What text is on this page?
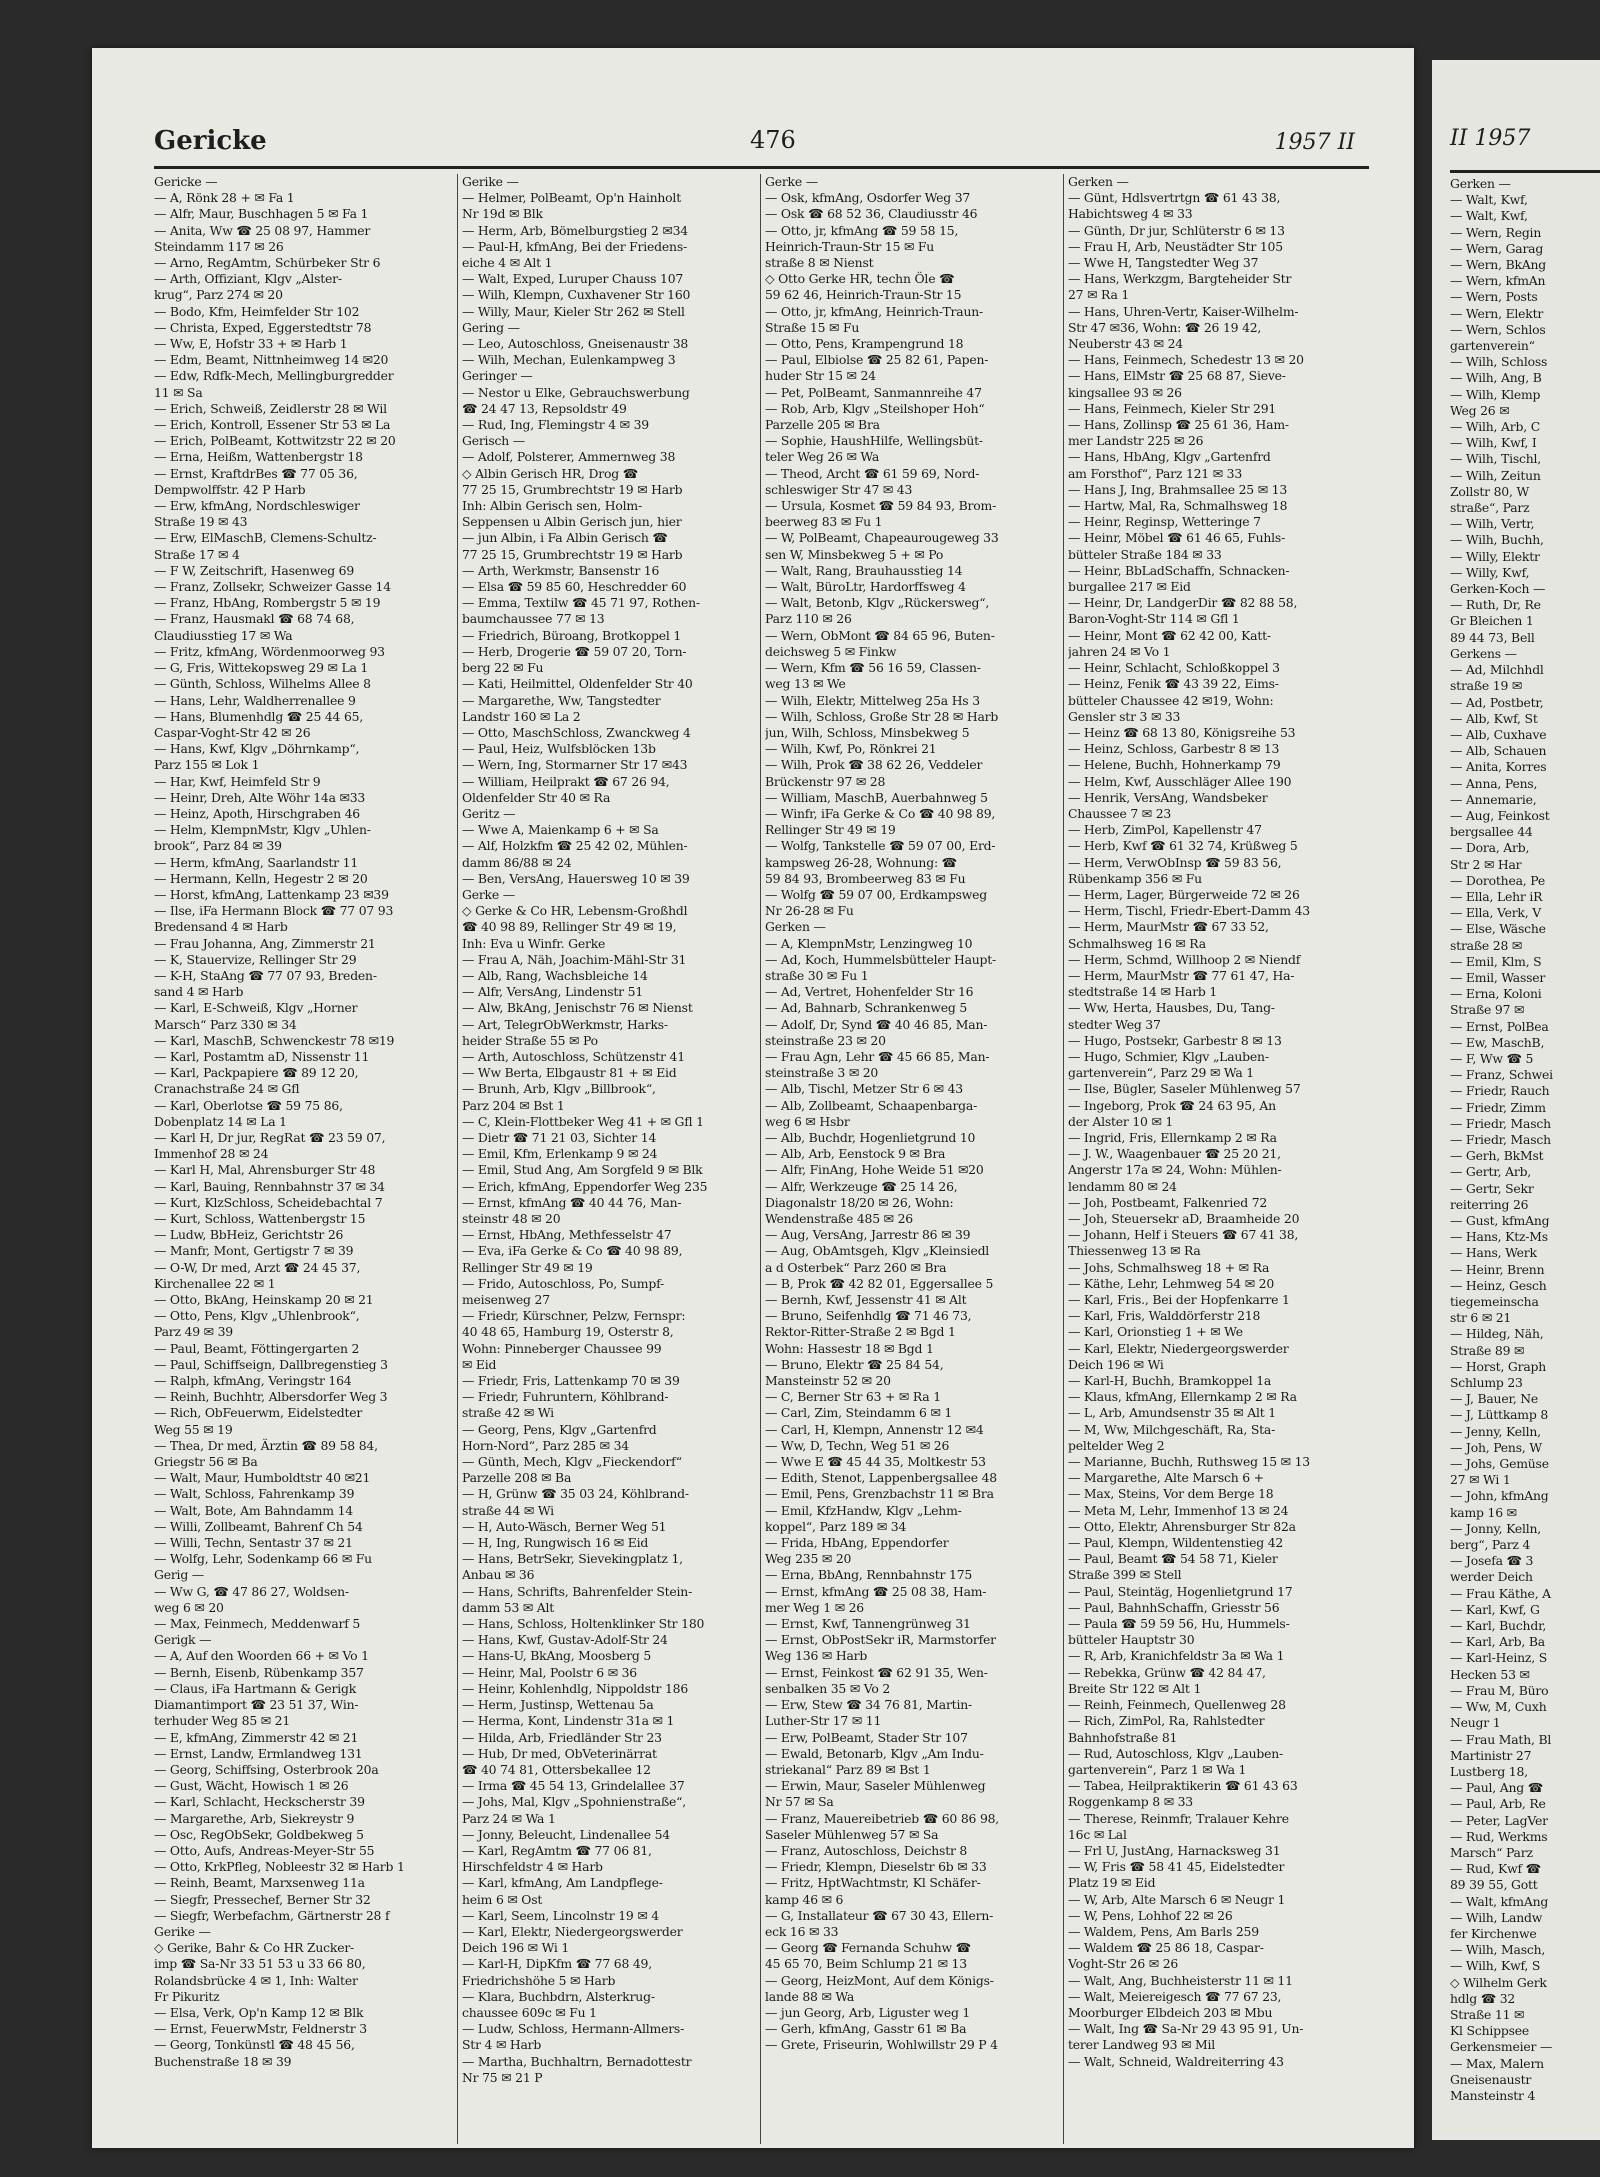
Gericke	476	1957 II
Gericke —
— A, Rönk 28 + ✉ Fa 1
— Alfr, Maur, Buschhagen 5 ✉ Fa 1
— Anita, Ww ☎ 25 08 97, Hammer
Steindamm 117 ✉ 26
— Arno, RegAmtm, Schürbeker Str 6
— Arth, Offiziant, Klgv „Alster-
krug“, Parz 274 ✉ 20
— Bodo, Kfm, Heimfelder Str 102
— Christa, Exped, Eggerstedtstr 78
— Ww, E, Hofstr 33 + ✉ Harb 1
— Edm, Beamt, Nittnheimweg 14 ✉20
— Edw, Rdfk-Mech, Mellingburgredder
11 ✉ Sa
— Erich, Schweiß, Zeidlerstr 28 ✉ Wil
— Erich, Kontroll, Essener Str 53 ✉ La
— Erich, PolBeamt, Kottwitzstr 22 ✉ 20
— Erna, Heißm, Wattenbergstr 18
— Ernst, KraftdrBes ☎ 77 05 36,
Dempwolffstr. 42 P Harb
— Erw, kfmAng, Nordschleswiger
Straße 19 ✉ 43
— Erw, ElMaschB, Clemens-Schultz-
Straße 17 ✉ 4
— F W, Zeitschrift, Hasenweg 69
— Franz, Zollsekr, Schweizer Gasse 14
— Franz, HbAng, Rombergstr 5 ✉ 19
— Franz, Hausmakl ☎ 68 74 68,
Claudiusstieg 17 ✉ Wa
— Fritz, kfmAng, Wördenmoorweg 93
— G, Fris, Wittekopsweg 29 ✉ La 1
— Günth, Schloss, Wilhelms Allee 8
— Hans, Lehr, Waldherrenallee 9
— Hans, Blumenhdlg ☎ 25 44 65,
Caspar-Voght-Str 42 ✉ 26
— Hans, Kwf, Klgv „Döhrnkamp“,
Parz 155 ✉ Lok 1
— Har, Kwf, Heimfeld Str 9
— Heinr, Dreh, Alte Wöhr 14a ✉33
— Heinz, Apoth, Hirschgraben 46
— Helm, KlempnMstr, Klgv „Uhlen-
brook“, Parz 84 ✉ 39
— Herm, kfmAng, Saarlandstr 11
— Hermann, Kelln, Hegestr 2 ✉ 20
— Horst, kfmAng, Lattenkamp 23 ✉39
— Ilse, iFa Hermann Block ☎ 77 07 93
Bredensand 4 ✉ Harb
— Frau Johanna, Ang, Zimmerstr 21
— K, Stauervize, Rellinger Str 29
— K-H, StaAng ☎ 77 07 93, Breden-
sand 4 ✉ Harb
— Karl, E-Schweiß, Klgv „Horner
Marsch“ Parz 330 ✉ 34
— Karl, MaschB, Schwenckestr 78 ✉19
— Karl, Postamtm aD, Nissenstr 11
— Karl, Packpapiere ☎ 89 12 20,
Cranachstraße 24 ✉ Gfl
— Karl, Oberlotse ☎ 59 75 86,
Dobenplatz 14 ✉ La 1
— Karl H, Dr jur, RegRat ☎ 23 59 07,
Immenhof 28 ✉ 24
— Karl H, Mal, Ahrensburger Str 48
— Karl, Bauing, Rennbahnstr 37 ✉ 34
— Kurt, KlzSchloss, Scheidebachtal 7
— Kurt, Schloss, Wattenbergstr 15
— Ludw, BbHeiz, Gerichtstr 26
— Manfr, Mont, Gertigstr 7 ✉ 39
— O-W, Dr med, Arzt ☎ 24 45 37,
Kirchenallee 22 ✉ 1
— Otto, BkAng, Heinskamp 20 ✉ 21
— Otto, Pens, Klgv „Uhlenbrook“,
Parz 49 ✉ 39
— Paul, Beamt, Föttingergarten 2
— Paul, Schiffseign, Dallbregenstieg 3
— Ralph, kfmAng, Veringstr 164
— Reinh, Buchhtr, Albersdorfer Weg 3
— Rich, ObFeuerwm, Eidelstedter
Weg 55 ✉ 19
— Thea, Dr med, Ärztin ☎ 89 58 84,
Griegstr 56 ✉ Ba
— Walt, Maur, Humboldtstr 40 ✉21
— Walt, Schloss, Fahrenkamp 39
— Walt, Bote, Am Bahndamm 14
— Willi, Zollbeamt, Bahrenf Ch 54
— Willi, Techn, Sentastr 37 ✉ 21
— Wolfg, Lehr, Sodenkamp 66 ✉ Fu
Gerig —
— Ww G, ☎ 47 86 27, Woldsen-
weg 6 ✉ 20
— Max, Feinmech, Meddenwarf 5
Gerigk —
— A, Auf den Woorden 66 + ✉ Vo 1
— Bernh, Eisenb, Rübenkamp 357
— Claus, iFa Hartmann & Gerigk
Diamantimport ☎ 23 51 37, Win-
terhuder Weg 85 ✉ 21
— E, kfmAng, Zimmerstr 42 ✉ 21
— Ernst, Landw, Ermlandweg 131
— Georg, Schiffsing, Osterbrook 20a
— Gust, Wächt, Howisch 1 ✉ 26
— Karl, Schlacht, Heckscherstr 39
— Margarethe, Arb, Siekreystr 9
— Osc, RegObSekr, Goldbekweg 5
— Otto, Aufs, Andreas-Meyer-Str 55
— Otto, KrkPfleg, Nobleestr 32 ✉ Harb 1
— Reinh, Beamt, Marxsenweg 11a
— Siegfr, Pressechef, Berner Str 32
— Siegfr, Werbefachm, Gärtnerstr 28 f
Gerike —
◇ Gerike, Bahr & Co HR Zucker-
imp ☎ Sa-Nr 33 51 53 u 33 66 80,
Rolandsbrücke 4 ✉ 1, Inh: Walter
Fr Pikuritz
— Elsa, Verk, Op'n Kamp 12 ✉ Blk
— Ernst, FeuerwMstr, Feldnerstr 3
— Georg, Tonkünstl ☎ 48 45 56,
Buchenstraße 18 ✉ 39
Gerike —
— Helmer, PolBeamt, Op'n Hainholt
Nr 19d ✉ Blk
— Herm, Arb, Bömelburgstieg 2 ✉34
— Paul-H, kfmAng, Bei der Friedens-
eiche 4 ✉ Alt 1
— Walt, Exped, Luruper Chauss 107
— Wilh, Klempn, Cuxhavener Str 160
— Willy, Maur, Kieler Str 262 ✉ Stell
Gering —
— Leo, Autoschloss, Gneisenaustr 38
— Wilh, Mechan, Eulenkampweg 3
Geringer —
— Nestor u Elke, Gebrauchswerbung
☎ 24 47 13, Repsoldstr 49
— Rud, Ing, Flemingstr 4 ✉ 39
Gerisch —
— Adolf, Polsterer, Ammernweg 38
◇ Albin Gerisch HR, Drog ☎
77 25 15, Grumbrechtstr 19 ✉ Harb
Inh: Albin Gerisch sen, Holm-
Seppensen u Albin Gerisch jun, hier
— jun Albin, i Fa Albin Gerisch ☎
77 25 15, Grumbrechtstr 19 ✉ Harb
— Arth, Werkmstr, Bansenstr 16
— Elsa ☎ 59 85 60, Heschredder 60
— Emma, Textilw ☎ 45 71 97, Rothen-
baumchaussee 77 ✉ 13
— Friedrich, Büroang, Brotkoppel 1
— Herb, Drogerie ☎ 59 07 20, Torn-
berg 22 ✉ Fu
— Kati, Heilmittel, Oldenfelder Str 40
— Margarethe, Ww, Tangstedter
Landstr 160 ✉ La 2
— Otto, MaschSchloss, Zwanckweg 4
— Paul, Heiz, Wulfsblöcken 13b
— Wern, Ing, Stormarner Str 17 ✉43
— William, Heilprakt ☎ 67 26 94,
Oldenfelder Str 40 ✉ Ra
Geritz —
— Wwe A, Maienkamp 6 + ✉ Sa
— Alf, Holzkfm ☎ 25 42 02, Mühlen-
damm 86/88 ✉ 24
— Ben, VersAng, Hauersweg 10 ✉ 39
Gerke —
◇ Gerke & Co HR, Lebensm-Großhdl
☎ 40 98 89, Rellinger Str 49 ✉ 19,
Inh: Eva u Winfr. Gerke
— Frau A, Näh, Joachim-Mähl-Str 31
— Alb, Rang, Wachsbleiche 14
— Alfr, VersAng, Lindenstr 51
— Alw, BkAng, Jenischstr 76 ✉ Nienst
— Art, TelegrObWerkmstr, Harks-
heider Straße 55 ✉ Po
— Arth, Autoschloss, Schützenstr 41
— Ww Berta, Elbgaustr 81 + ✉ Eid
— Brunh, Arb, Klgv „Billbrook“,
Parz 204 ✉ Bst 1
— C, Klein-Flottbeker Weg 41 + ✉ Gfl 1
— Dietr ☎ 71 21 03, Sichter 14
— Emil, Kfm, Erlenkamp 9 ✉ 24
— Emil, Stud Ang, Am Sorgfeld 9 ✉ Blk
— Erich, kfmAng, Eppendorfer Weg 235
— Ernst, kfmAng ☎ 40 44 76, Man-
steinstr 48 ✉ 20
— Ernst, HbAng, Methfesselstr 47
— Eva, iFa Gerke & Co ☎ 40 98 89,
Rellinger Str 49 ✉ 19
— Frido, Autoschloss, Po, Sumpf-
meisenweg 27
— Friedr, Kürschner, Pelzw, Fernspr:
40 48 65, Hamburg 19, Osterstr 8,
Wohn: Pinneberger Chaussee 99
✉ Eid
— Friedr, Fris, Lattenkamp 70 ✉ 39
— Friedr, Fuhruntern, Köhlbrand-
straße 42 ✉ Wi
— Georg, Pens, Klgv „Gartenfrd
Horn-Nord“, Parz 285 ✉ 34
— Günth, Mech, Klgv „Fieckendorf“
Parzelle 208 ✉ Ba
— H, Grünw ☎ 35 03 24, Köhlbrand-
straße 44 ✉ Wi
— H, Auto-Wäsch, Berner Weg 51
— H, Ing, Rungwisch 16 ✉ Eid
— Hans, BetrSekr, Sievekingplatz 1,
Anbau ✉ 36
— Hans, Schrifts, Bahrenfelder Stein-
damm 53 ✉ Alt
— Hans, Schloss, Holtenklinker Str 180
— Hans, Kwf, Gustav-Adolf-Str 24
— Hans-U, BkAng, Moosberg 5
— Heinr, Mal, Poolstr 6 ✉ 36
— Heinr, Kohlenhdlg, Nippoldstr 186
— Herm, Justinsp, Wettenau 5a
— Herma, Kont, Lindenstr 31a ✉ 1
— Hilda, Arb, Friedländer Str 23
— Hub, Dr med, ObVeterinärrat
☎ 40 74 81, Ottersbekallee 12
— Irma ☎ 45 54 13, Grindelallee 37
— Johs, Mal, Klgv „Spohnienstraße“,
Parz 24 ✉ Wa 1
— Jonny, Beleucht, Lindenallee 54
— Karl, RegAmtm ☎ 77 06 81,
Hirschfeldstr 4 ✉ Harb
— Karl, kfmAng, Am Landpflege-
heim 6 ✉ Ost
— Karl, Seem, Lincolnstr 19 ✉ 4
— Karl, Elektr, Niedergeorgswerder
Deich 196 ✉ Wi 1
— Karl-H, DipKfm ☎ 77 68 49,
Friedrichshöhe 5 ✉ Harb
— Klara, Buchbdrn, Alsterkrug-
chaussee 609c ✉ Fu 1
— Ludw, Schloss, Hermann-Allmers-
Str 4 ✉ Harb
— Martha, Buchhaltrn, Bernadottestr
Nr 75 ✉ 21 P
Gerke —
— Osk, kfmAng, Osdorfer Weg 37
— Osk ☎ 68 52 36, Claudiusstr 46
— Otto, jr, kfmAng ☎ 59 58 15,
Heinrich-Traun-Str 15 ✉ Fu
straße 8 ✉ Nienst
◇ Otto Gerke HR, techn Öle ☎
59 62 46, Heinrich-Traun-Str 15
— Otto, jr, kfmAng, Heinrich-Traun-
Straße 15 ✉ Fu
— Otto, Pens, Krampengrund 18
— Paul, Elbiolse ☎ 25 82 61, Papen-
huder Str 15 ✉ 24
— Pet, PolBeamt, Sanmannreihe 47
— Rob, Arb, Klgv „Steilshoper Hoh“
Parzelle 205 ✉ Bra
— Sophie, HaushHilfe, Wellingsbüt-
teler Weg 26 ✉ Wa
— Theod, Archt ☎ 61 59 69, Nord-
schleswiger Str 47 ✉ 43
— Ursula, Kosmet ☎ 59 84 93, Brom-
beerweg 83 ✉ Fu 1
— W, PolBeamt, Chapeaurougeweg 33
sen W, Minsbekweg 5 + ✉ Po
— Walt, Rang, Brauhausstieg 14
— Walt, BüroLtr, Hardorffsweg 4
— Walt, Betonb, Klgv „Rückersweg“,
Parz 110 ✉ 26
— Wern, ObMont ☎ 84 65 96, Buten-
deichsweg 5 ✉ Finkw
— Wern, Kfm ☎ 56 16 59, Classen-
weg 13 ✉ We
— Wilh, Elektr, Mittelweg 25a Hs 3
— Wilh, Schloss, Große Str 28 ✉ Harb
jun, Wilh, Schloss, Minsbekweg 5
— Wilh, Kwf, Po, Rönkrei 21
— Wilh, Prok ☎ 38 62 26, Veddeler
Brückenstr 97 ✉ 28
— William, MaschB, Auerbahnweg 5
— Winfr, iFa Gerke & Co ☎ 40 98 89,
Rellinger Str 49 ✉ 19
— Wolfg, Tankstelle ☎ 59 07 00, Erd-
kampsweg 26-28, Wohnung: ☎
59 84 93, Brombeerweg 83 ✉ Fu
— Wolfg ☎ 59 07 00, Erdkampsweg
Nr 26-28 ✉ Fu
Gerken —
— A, KlempnMstr, Lenzingweg 10
— Ad, Koch, Hummelsbütteler Haupt-
straße 30 ✉ Fu 1
— Ad, Vertret, Hohenfelder Str 16
— Ad, Bahnarb, Schrankenweg 5
— Adolf, Dr, Synd ☎ 40 46 85, Man-
steinstraße 23 ✉ 20
— Frau Agn, Lehr ☎ 45 66 85, Man-
steinstraße 3 ✉ 20
— Alb, Tischl, Metzer Str 6 ✉ 43
— Alb, Zollbeamt, Schaapenbarga-
weg 6 ✉ Hsbr
— Alb, Buchdr, Hogenlietgrund 10
— Alb, Arb, Eenstock 9 ✉ Bra
— Alfr, FinAng, Hohe Weide 51 ✉20
— Alfr, Werkzeuge ☎ 25 14 26,
Diagonalstr 18/20 ✉ 26, Wohn:
Wendenstraße 485 ✉ 26
— Aug, VersAng, Jarrestr 86 ✉ 39
— Aug, ObAmtsgeh, Klgv „Kleinsiedl
a d Osterbek“ Parz 260 ✉ Bra
— B, Prok ☎ 42 82 01, Eggersallee 5
— Bernh, Kwf, Jessenstr 41 ✉ Alt
— Bruno, Seifenhdlg ☎ 71 46 73,
Rektor-Ritter-Straße 2 ✉ Bgd 1
Wohn: Hassestr 18 ✉ Bgd 1
— Bruno, Elektr ☎ 25 84 54,
Mansteinstr 52 ✉ 20
— C, Berner Str 63 + ✉ Ra 1
— Carl, Zim, Steindamm 6 ✉ 1
— Carl, H, Klempn, Annenstr 12 ✉4
— Ww, D, Techn, Weg 51 ✉ 26
— Wwe E ☎ 45 44 35, Moltkestr 53
— Edith, Stenot, Lappenbergsallee 48
— Emil, Pens, Grenzbachstr 11 ✉ Bra
— Emil, KfzHandw, Klgv „Lehm-
koppel“, Parz 189 ✉ 34
— Frida, HbAng, Eppendorfer
Weg 235 ✉ 20
— Erna, BbAng, Rennbahnstr 175
— Ernst, kfmAng ☎ 25 08 38, Ham-
mer Weg 1 ✉ 26
— Ernst, Kwf, Tannengrünweg 31
— Ernst, ObPostSekr iR, Marmstorfer
Weg 136 ✉ Harb
— Ernst, Feinkost ☎ 62 91 35, Wen-
senbalken 35 ✉ Vo 2
— Erw, Stew ☎ 34 76 81, Martin-
Luther-Str 17 ✉ 11
— Erw, PolBeamt, Stader Str 107
— Ewald, Betonarb, Klgv „Am Indu-
striekanal“ Parz 89 ✉ Bst 1
— Erwin, Maur, Saseler Mühlenweg
Nr 57 ✉ Sa
— Franz, Mauereibetrieb ☎ 60 86 98,
Saseler Mühlenweg 57 ✉ Sa
— Franz, Autoschloss, Deichstr 8
— Friedr, Klempn, Dieselstr 6b ✉ 33
— Fritz, HptWachtmstr, Kl Schäfer-
kamp 46 ✉ 6
— G, Installateur ☎ 67 30 43, Ellern-
eck 16 ✉ 33
— Georg ☎ Fernanda Schuhw ☎
45 65 70, Beim Schlump 21 ✉ 13
— Georg, HeizMont, Auf dem Königs-
lande 88 ✉ Wa
— jun Georg, Arb, Liguster weg 1
— Gerh, kfmAng, Gasstr 61 ✉ Ba
— Grete, Friseurin, Wohlwillstr 29 P 4
Gerken —
— Günt, Hdlsvertrtgn ☎ 61 43 38,
Habichtsweg 4 ✉ 33
— Günth, Dr jur, Schlüterstr 6 ✉ 13
— Frau H, Arb, Neustädter Str 105
— Wwe H, Tangstedter Weg 37
— Hans, Werkzgm, Bargteheider Str
27 ✉ Ra 1
— Hans, Uhren-Vertr, Kaiser-Wilhelm-
Str 47 ✉36, Wohn: ☎ 26 19 42,
Neuberstr 43 ✉ 24
— Hans, Feinmech, Schedestr 13 ✉ 20
— Hans, ElMstr ☎ 25 68 87, Sieve-
kingsallee 93 ✉ 26
— Hans, Feinmech, Kieler Str 291
— Hans, Zollinsp ☎ 25 61 36, Ham-
mer Landstr 225 ✉ 26
— Hans, HbAng, Klgv „Gartenfrd
am Forsthof“, Parz 121 ✉ 33
— Hans J, Ing, Brahmsallee 25 ✉ 13
— Hartw, Mal, Ra, Schmalhsweg 18
— Heinr, Reginsp, Wetteringe 7
— Heinr, Möbel ☎ 61 46 65, Fuhls-
bütteler Straße 184 ✉ 33
— Heinr, BbLadSchaffn, Schnacken-
burgallee 217 ✉ Eid
— Heinr, Dr, LandgerDir ☎ 82 88 58,
Baron-Voght-Str 114 ✉ Gfl 1
— Heinr, Mont ☎ 62 42 00, Katt-
jahren 24 ✉ Vo 1
— Heinr, Schlacht, Schloßkoppel 3
— Heinz, Fenik ☎ 43 39 22, Eims-
bütteler Chaussee 42 ✉19, Wohn:
Gensler str 3 ✉ 33
— Heinz ☎ 68 13 80, Königsreihe 53
— Heinz, Schloss, Garbestr 8 ✉ 13
— Helene, Buchh, Hohnerkamp 79
— Helm, Kwf, Ausschläger Allee 190
— Henrik, VersAng, Wandsbeker
Chaussee 7 ✉ 23
— Herb, ZimPol, Kapellenstr 47
— Herb, Kwf ☎ 61 32 74, Krüßweg 5
— Herm, VerwObInsp ☎ 59 83 56,
Rübenkamp 356 ✉ Fu
— Herm, Lager, Bürgerweide 72 ✉ 26
— Herm, Tischl, Friedr-Ebert-Damm 43
— Herm, MaurMstr ☎ 67 33 52,
Schmalhsweg 16 ✉ Ra
— Herm, Schmd, Willhoop 2 ✉ Niendf
— Herm, MaurMstr ☎ 77 61 47, Ha-
stedtstraße 14 ✉ Harb 1
— Ww, Herta, Hausbes, Du, Tang-
stedter Weg 37
— Hugo, Postsekr, Garbestr 8 ✉ 13
— Hugo, Schmier, Klgv „Lauben-
gartenverein“, Parz 29 ✉ Wa 1
— Ilse, Bügler, Saseler Mühlenweg 57
— Ingeborg, Prok ☎ 24 63 95, An
der Alster 10 ✉ 1
— Ingrid, Fris, Ellernkamp 2 ✉ Ra
— J. W., Waagenbauer ☎ 25 20 21,
Angerstr 17a ✉ 24, Wohn: Mühlen-
lendamm 80 ✉ 24
— Joh, Postbeamt, Falkenried 72
— Joh, Steuersekr aD, Braamheide 20
— Johann, Helf i Steuers ☎ 67 41 38,
Thiessenweg 13 ✉ Ra
— Johs, Schmalhsweg 18 + ✉ Ra
— Käthe, Lehr, Lehmweg 54 ✉ 20
— Karl, Fris., Bei der Hopfenkarre 1
— Karl, Fris, Walddörferstr 218
— Karl, Orionstieg 1 + ✉ We
— Karl, Elektr, Niedergeorgswerder
Deich 196 ✉ Wi
— Karl-H, Buchh, Bramkoppel 1a
— Klaus, kfmAng, Ellernkamp 2 ✉ Ra
— L, Arb, Amundsenstr 35 ✉ Alt 1
— M, Ww, Milchgeschäft, Ra, Sta-
peltelder Weg 2
— Marianne, Buchh, Ruthsweg 15 ✉ 13
— Margarethe, Alte Marsch 6 +
— Max, Steins, Vor dem Berge 18
— Meta M, Lehr, Immenhof 13 ✉ 24
— Otto, Elektr, Ahrensburger Str 82a
— Paul, Klempn, Wildentenstieg 42
— Paul, Beamt ☎ 54 58 71, Kieler
Straße 399 ✉ Stell
— Paul, Steintäg, Hogenlietgrund 17
— Paul, BahnhSchaffn, Griesstr 56
— Paula ☎ 59 59 56, Hu, Hummels-
bütteler Hauptstr 30
— R, Arb, Kranichfeldstr 3a ✉ Wa 1
— Rebekka, Grünw ☎ 42 84 47,
Breite Str 122 ✉ Alt 1
— Reinh, Feinmech, Quellenweg 28
— Rich, ZimPol, Ra, Rahlstedter
Bahnhofstraße 81
— Rud, Autoschloss, Klgv „Lauben-
gartenverein“, Parz 1 ✉ Wa 1
— Tabea, Heilpraktikerin ☎ 61 43 63
Roggenkamp 8 ✉ 33
— Therese, Reinmfr, Tralauer Kehre
16c ✉ Lal
— Frl U, JustAng, Harnacksweg 31
— W, Fris ☎ 58 41 45, Eidelstedter
Platz 19 ✉ Eid
— W, Arb, Alte Marsch 6 ✉ Neugr 1
— W, Pens, Lohhof 22 ✉ 26
— Waldem, Pens, Am Barls 259
— Waldem ☎ 25 86 18, Caspar-
Voght-Str 26 ✉ 26
— Walt, Ang, Buchheisterstr 11 ✉ 11
— Walt, Meiereigesch ☎ 77 67 23,
Moorburger Elbdeich 203 ✉ Mbu
— Walt, Ing ☎ Sa-Nr 29 43 95 91, Un-
terer Landweg 93 ✉ Mil
— Walt, Schneid, Waldreiterring 43
II 1957
Gerken —
— Walt, Kwf,
— Walt, Kwf,
— Wern, Regin
— Wern, Garag
— Wern, BkAng
— Wern, kfmAn
— Wern, Posts
— Wern, Elektr
— Wern, Schlos
gartenverein“
— Wilh, Schloss
— Wilh, Ang, B
— Wilh, Klemp
Weg 26 ✉
— Wilh, Arb, C
— Wilh, Kwf, I
— Wilh, Tischl,
— Wilh, Zeitun
Zollstr 80, W
straße“, Parz
— Wilh, Vertr,
— Wilh, Buchh,
— Willy, Elektr
— Willy, Kwf,
Gerken-Koch —
— Ruth, Dr, Re
Gr Bleichen 1
89 44 73, Bell
Gerkens —
— Ad, Milchhdl
straße 19 ✉
— Ad, Postbetr,
— Alb, Kwf, St
— Alb, Cuxhave
— Alb, Schauen
— Anita, Korres
— Anna, Pens,
— Annemarie,
— Aug, Feinkost
bergsallee 44
— Dora, Arb,
Str 2 ✉ Har
— Dorothea, Pe
— Ella, Lehr iR
— Ella, Verk, V
— Else, Wäsche
straße 28 ✉
— Emil, Klm, S
— Emil, Wasser
— Erna, Koloni
Straße 97 ✉
— Ernst, PolBea
— Ew, MaschB,
— F, Ww ☎ 5
— Franz, Schwei
— Friedr, Rauch
— Friedr, Zimm
— Friedr, Masch
— Friedr, Masch
— Gerh, BkMst
— Gertr, Arb,
— Gertr, Sekr
reiterring 26
— Gust, kfmAng
— Hans, Ktz-Ms
— Hans, Werk
— Heinr, Brenn
— Heinz, Gesch
tiegemeinscha
str 6 ✉ 21
— Hildeg, Näh,
Straße 89 ✉
— Horst, Graph
Schlump 23
— J, Bauer, Ne
— J, Lüttkamp 8
— Jenny, Kelln,
— Joh, Pens, W
— Johs, Gemüse
27 ✉ Wi 1
— John, kfmAng
kamp 16 ✉
— Jonny, Kelln,
berg“, Parz 4
— Josefa ☎ 3
werder Deich
— Frau Käthe, A
— Karl, Kwf, G
— Karl, Buchdr,
— Karl, Arb, Ba
— Karl-Heinz, S
Hecken 53 ✉
— Frau M, Büro
— Ww, M, Cuxh
Neugr 1
— Frau Math, Bl
Martinistr 27
Lustberg 18,
— Paul, Ang ☎
— Paul, Arb, Re
— Peter, LagVer
— Rud, Werkms
Marsch“ Parz
— Rud, Kwf ☎
89 39 55, Gott
— Walt, kfmAng
— Wilh, Landw
fer Kirchenwe
— Wilh, Masch,
— Wilh, Kwf, S
◇ Wilhelm Gerk
hdlg ☎ 32
Straße 11 ✉
Kl Schippsee
Gerkensmeier —
— Max, Malern
Gneisenaustr
Mansteinstr 4
